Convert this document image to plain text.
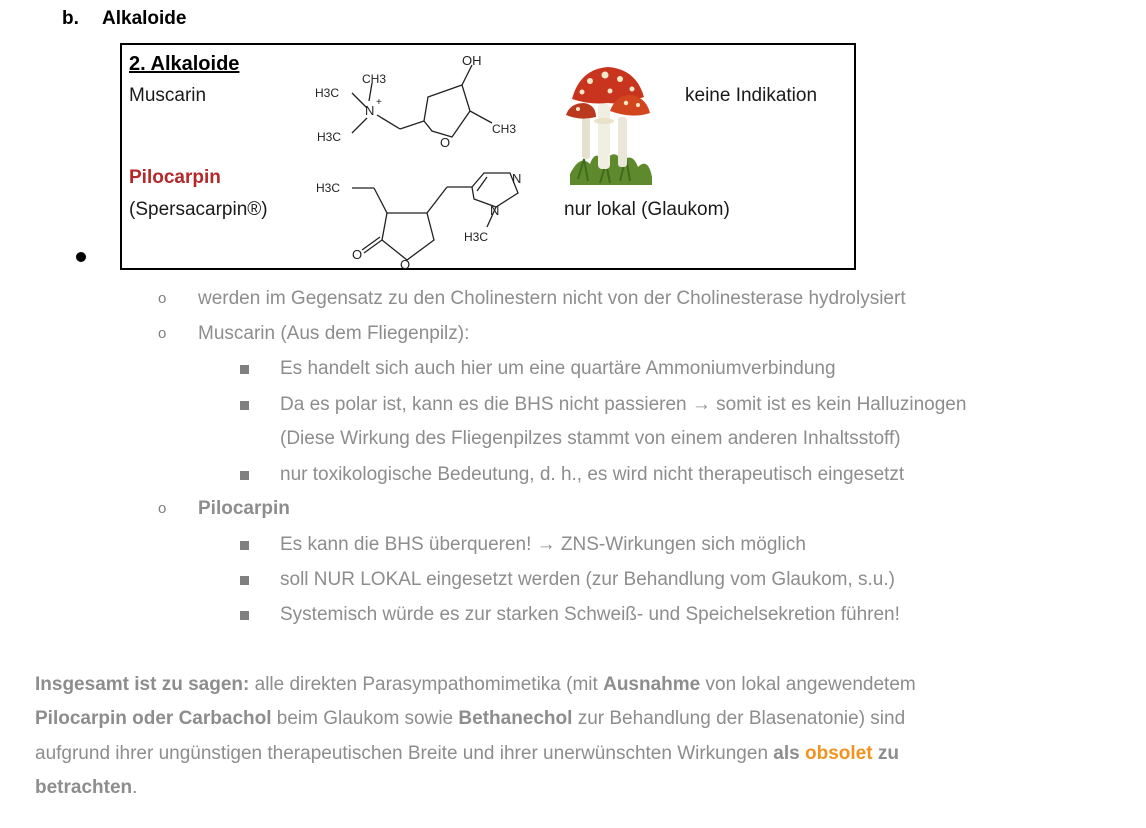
b. Alkaloide
2. Alkaloide
Muscarin	keine Indikation
Pilocarpin
(Spersacarpin®)	nur lokal (Glaukom)
H3C
CH3
N
+
H3C
OH
O
CH3
H3C
O
O
N
N
H3C
o werden im Gegensatz zu den Cholinestern nicht von der Cholinesterase hydrolysiert
o Muscarin (Aus dem Fliegenpilz):
Es handelt sich auch hier um eine quartäre Ammoniumverbindung
Da es polar ist, kann es die BHS nicht passieren → somit ist es kein Halluzinogen
(Diese Wirkung des Fliegenpilzes stammt von einem anderen Inhaltsstoff)
nur toxikologische Bedeutung, d. h., es wird nicht therapeutisch eingesetzt
o Pilocarpin
Es kann die BHS überqueren! → ZNS-Wirkungen sich möglich
soll NUR LOKAL eingesetzt werden (zur Behandlung vom Glaukom, s.u.)
Systemisch würde es zur starken Schweiß- und Speichelsekretion führen!
Insgesamt ist zu sagen: alle direkten Parasympathomimetika (mit Ausnahme von lokal angewendetem
Pilocarpin oder Carbachol beim Glaukom sowie Bethanechol zur Behandlung der Blasenatonie) sind
aufgrund ihrer ungünstigen therapeutischen Breite und ihrer unerwünschten Wirkungen als obsolet zu
betrachten.
